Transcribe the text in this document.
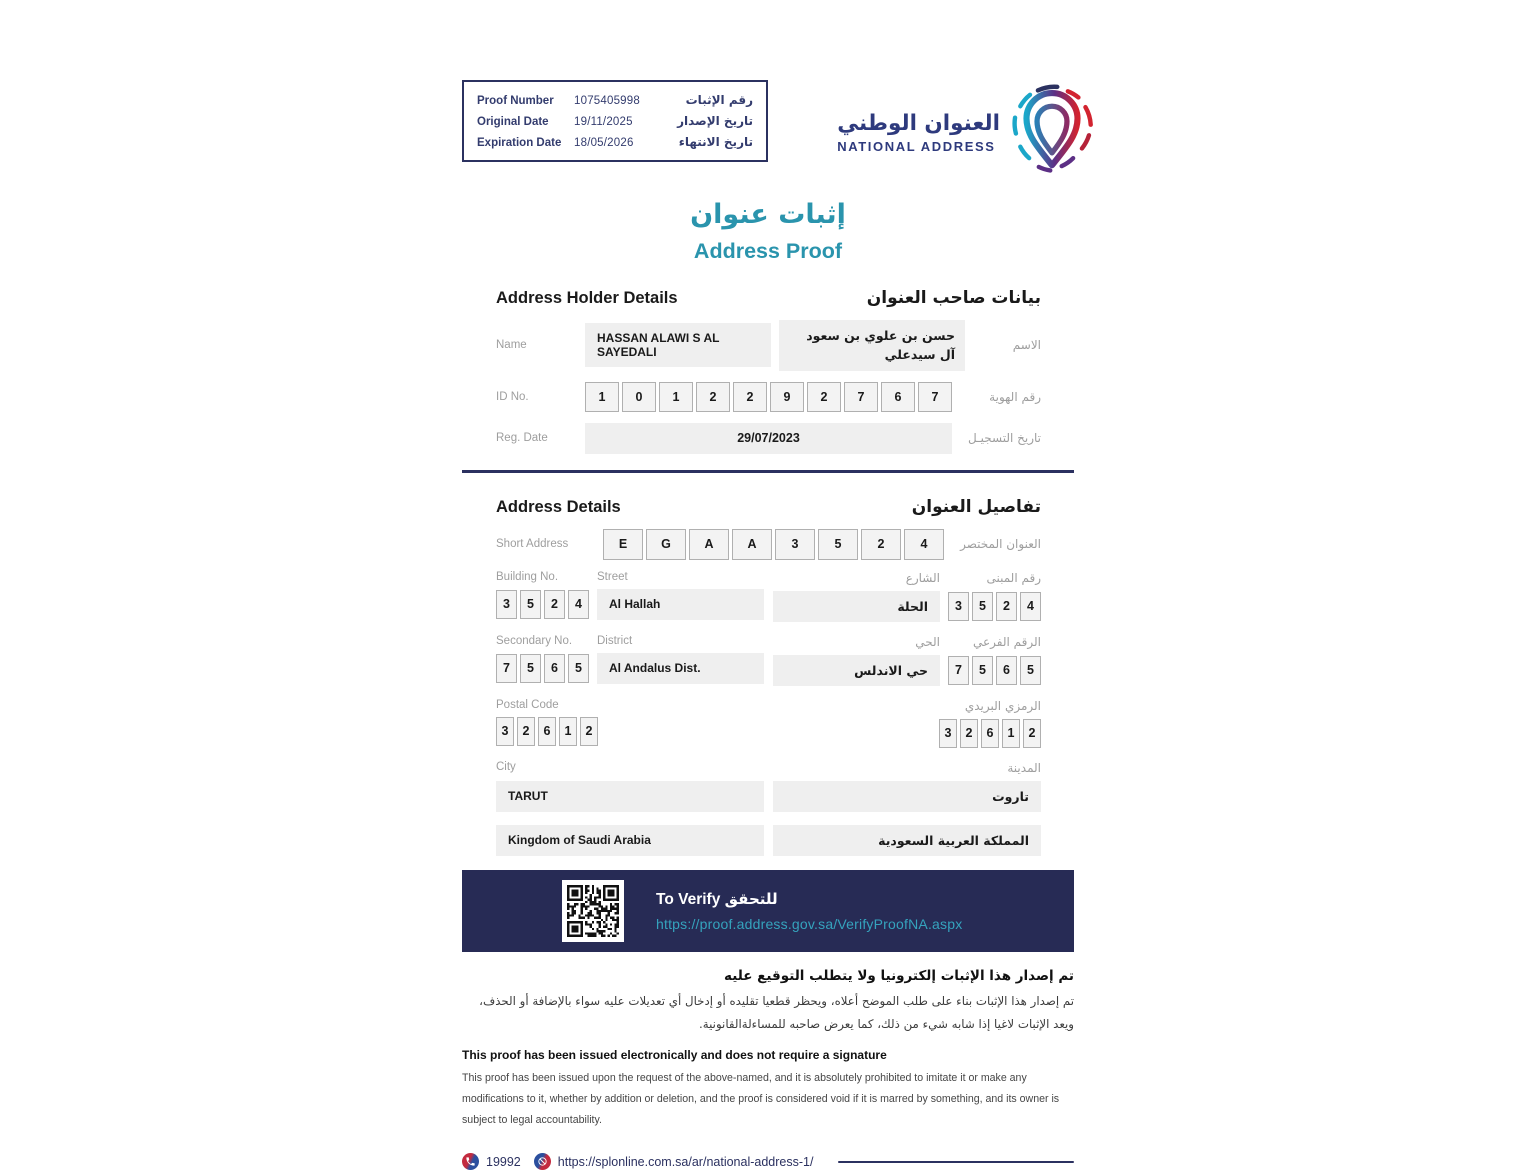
Proof Number	1075405998	رقم الإثبات
Original Date	19/11/2025	تاريخ الإصدار
Expiration Date	18/05/2026	تاريخ الانتهاء
العنوان الوطني
NATIONAL ADDRESS
إثبات عنوان
Address Proof
Address Holder Details	بيانات صاحب العنوان
Name	HASSAN ALAWI S AL SAYEDALI
حسن بن علوي بن سعود آل سيدعلي
الاسم
ID No.	1	0	1	2	2	9	2	7	6	7	رقم الهوية
Reg. Date	29/07/2023	تاريخ التسجيـل
Address Details	تفاصيل العنوان
Short Address	E	G	A	A	3	5	2	4	العنوان المختصر
Building No.	Street
3	5	2	4	Al Hallah
رقم المبنى
الشارع
3	5	2	4
الحلة
Secondary No.	District
7	5	6	5	Al Andalus Dist.
الرقم الفرعي
الحي
7	5	6	5
حي الاندلس
Postal Code
3	2	6	1	2
الرمزي البريدي
3	2	6	1	2
City	المدينة
TARUT	تاروت
Kingdom of Saudi Arabia	المملكة العربية السعودية
To Verify للتحقق
https://proof.address.gov.sa/VerifyProofNA.aspx
تم إصدار هذا الإثبات إلكترونيا ولا يتطلب التوقيع عليه
تم إصدار هذا الإثبات بناء على طلب الموضح أعلاه، ويحظر قطعيا تقليده أو إدخال أي تعديلات عليه سواء بالإضافة أو الحذف، ويعد الإثبات لاغيا إذا شابه شيء من ذلك، كما يعرض صاحبه للمساءلةالقانونية.
This proof has been issued electronically and does not require a signature
This proof has been issued upon the request of the above-named, and it is absolutely prohibited to imitate it or make any modifications to it, whether by addition or deletion, and the proof is considered void if it is marred by something, and its owner is subject to legal accountability.
19992	https://splonline.com.sa/ar/national-address-1/
